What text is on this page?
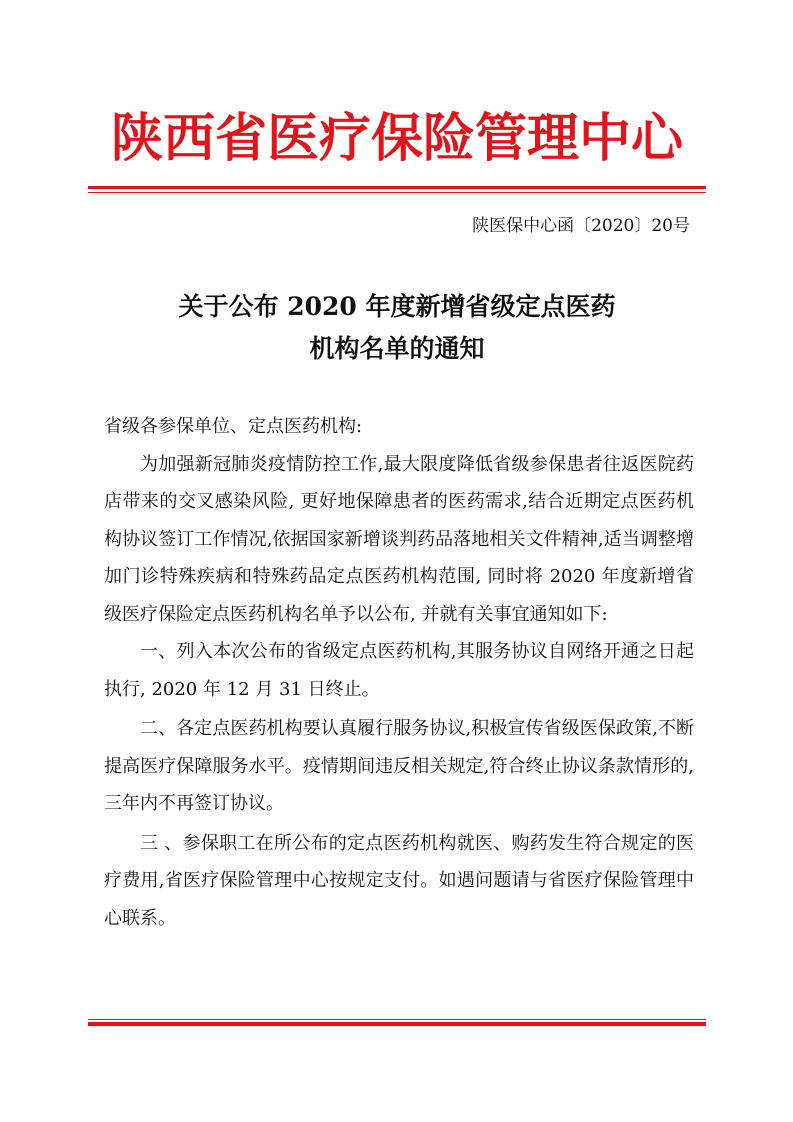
陕西省医疗保险管理中心
陕医保中心函〔2020〕20号
关于公布 2020 年度新增省级定点医药
机构名单的通知

省级各参保单位、定点医药机构:

为加强新冠肺炎疫情防控工作,最大限度降低省级参保患者往返医院药店带来的交叉感染风险, 更好地保障患者的医药需求,结合近期定点医药机构协议签订工作情况,依据国家新增谈判药品落地相关文件精神,适当调整增加门诊特殊疾病和特殊药品定点医药机构范围, 同时将 2020 年度新增省级医疗保险定点医药机构名单予以公布, 并就有关事宜通知如下:

一、列入本次公布的省级定点医药机构,其服务协议自网络开通之日起执行, 2020 年 12 月 31 日终止。

二、各定点医药机构要认真履行服务协议,积极宣传省级医保政策,不断提高医疗保障服务水平。疫情期间违反相关规定,符合终止协议条款情形的, 三年内不再签订协议。

三 、参保职工在所公布的定点医药机构就医、购药发生符合规定的医疗费用,省医疗保险管理中心按规定支付。如遇问题请与省医疗保险管理中心联系。
